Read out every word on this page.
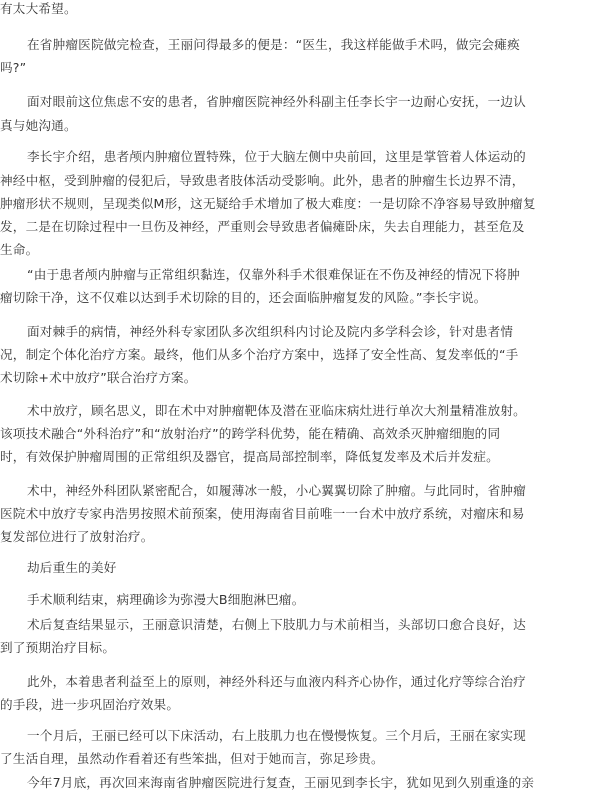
有太大希望。
在省肿瘤医院做完检查，王丽问得最多的便是：“医生，我这样能做手术吗，做完会瘫痪
吗?”
面对眼前这位焦虑不安的患者，省肿瘤医院神经外科副主任李长宇一边耐心安抚，一边认
真与她沟通。
李长宇介绍，患者颅内肿瘤位置特殊，位于大脑左侧中央前回，这里是掌管着人体运动的
神经中枢，受到肿瘤的侵犯后，导致患者肢体活动受影响。此外，患者的肿瘤生长边界不清，
肿瘤形状不规则，呈现类似M形，这无疑给手术增加了极大难度：一是切除不净容易导致肿瘤复
发，二是在切除过程中一旦伤及神经，严重则会导致患者偏瘫卧床，失去自理能力，甚至危及
生命。
“由于患者颅内肿瘤与正常组织黏连，仅靠外科手术很难保证在不伤及神经的情况下将肿
瘤切除干净，这不仅难以达到手术切除的目的，还会面临肿瘤复发的风险。”李长宇说。
面对棘手的病情，神经外科专家团队多次组织科内讨论及院内多学科会诊，针对患者情
况，制定个体化治疗方案。最终，他们从多个治疗方案中，选择了安全性高、复发率低的“手
术切除+术中放疗”联合治疗方案。
术中放疗，顾名思义，即在术中对肿瘤靶体及潜在亚临床病灶进行单次大剂量精准放射。
该项技术融合“外科治疗”和“放射治疗”的跨学科优势，能在精确、高效杀灭肿瘤细胞的同
时，有效保护肿瘤周围的正常组织及器官，提高局部控制率，降低复发率及术后并发症。
术中，神经外科团队紧密配合，如履薄冰一般，小心翼翼切除了肿瘤。与此同时，省肿瘤
医院术中放疗专家冉浩男按照术前预案，使用海南省目前唯一一台术中放疗系统，对瘤床和易
复发部位进行了放射治疗。
劫后重生的美好
手术顺利结束，病理确诊为弥漫大B细胞淋巴瘤。
术后复查结果显示，王丽意识清楚，右侧上下肢肌力与术前相当，头部切口愈合良好，达
到了预期治疗目标。
此外，本着患者利益至上的原则，神经外科还与血液内科齐心协作，通过化疗等综合治疗
的手段，进一步巩固治疗效果。
一个月后，王丽已经可以下床活动，右上肢肌力也在慢慢恢复。三个月后，王丽在家实现
了生活自理，虽然动作看着还有些笨拙，但对于她而言，弥足珍贵。
今年7月底，再次回来海南省肿瘤医院进行复查，王丽见到李长宇，犹如见到久别重逢的亲
